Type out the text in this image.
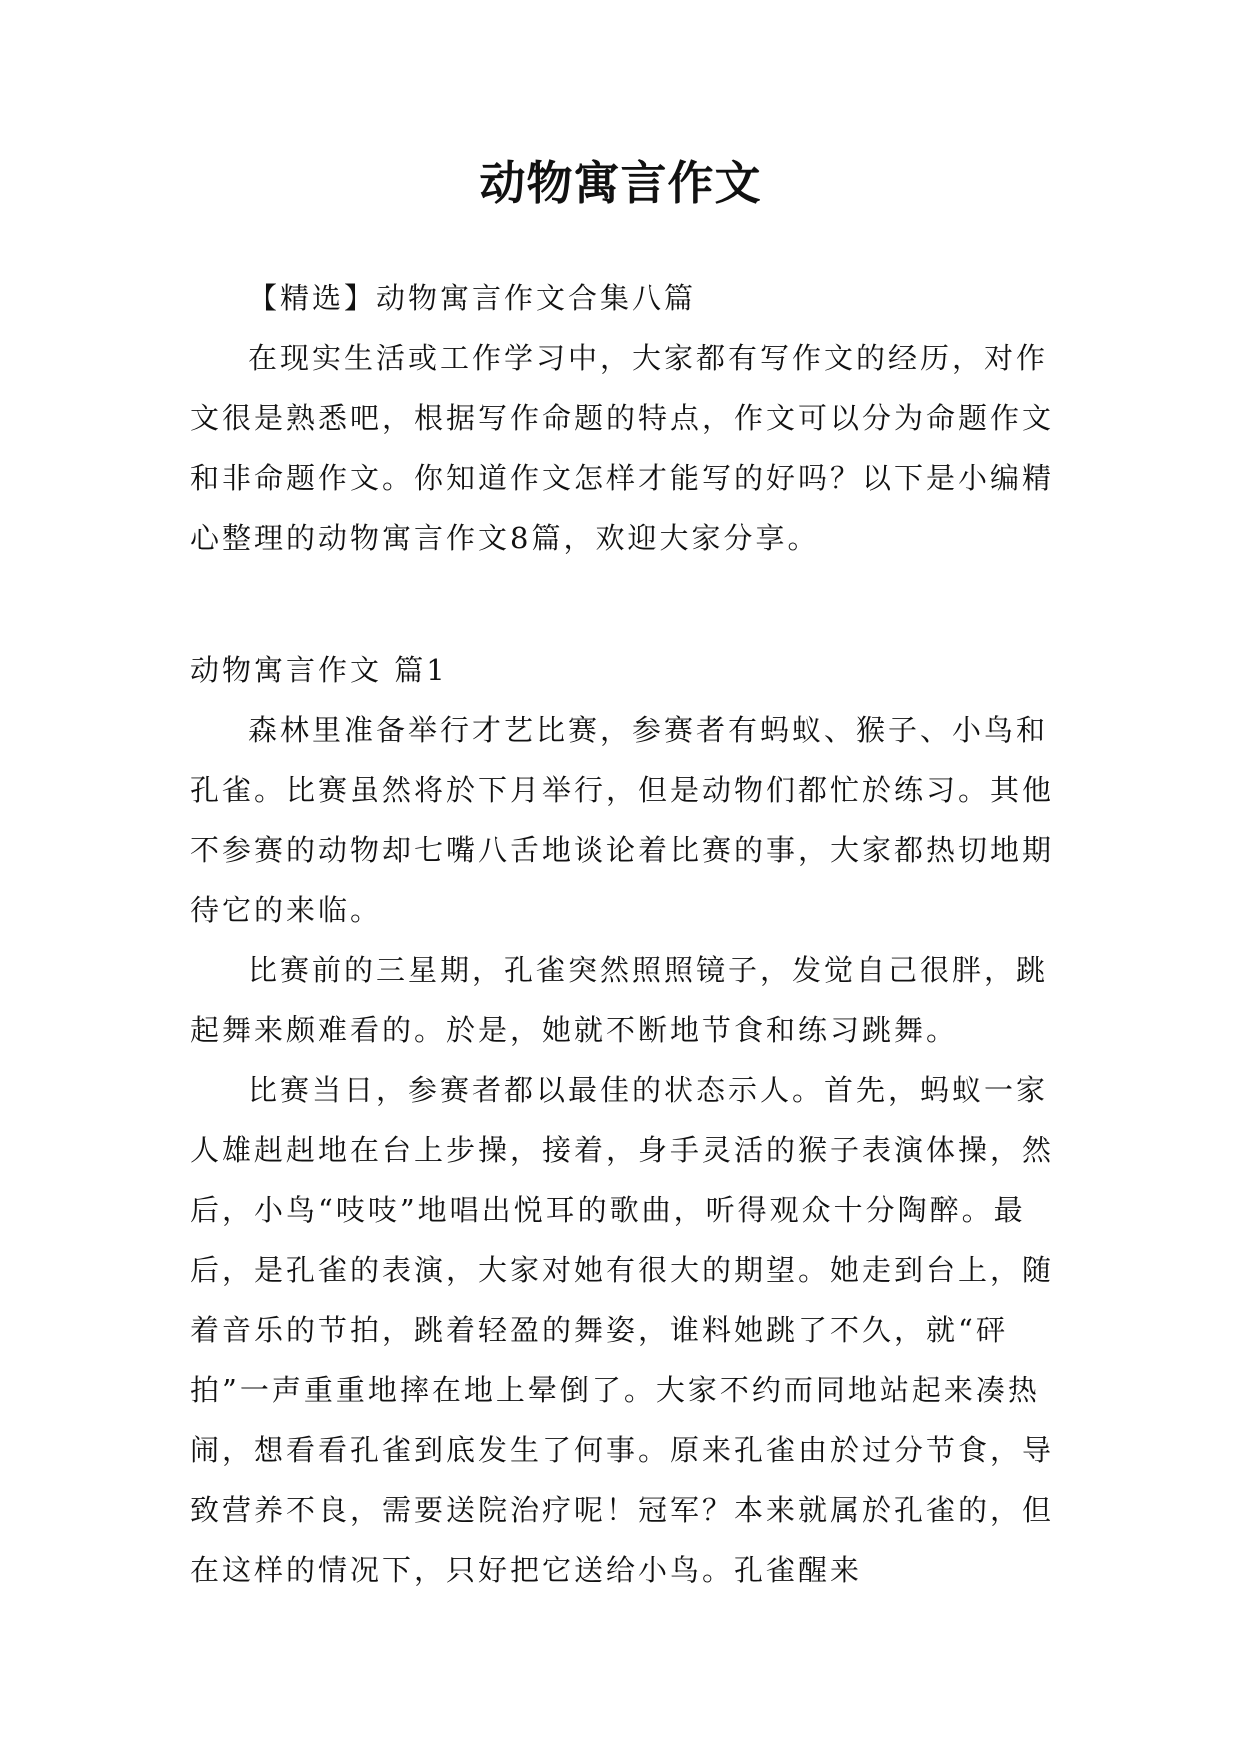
动物寓言作文

【精选】动物寓言作文合集八篇

在现实生活或工作学习中，大家都有写作文的经历，对作文很是熟悉吧，根据写作命题的特点，作文可以分为命题作文和非命题作文。你知道作文怎样才能写的好吗？以下是小编精心整理的动物寓言作文8篇，欢迎大家分享。

动物寓言作文 篇1

森林里准备举行才艺比赛，参赛者有蚂蚁、猴子、小鸟和孔雀。比赛虽然将於下月举行，但是动物们都忙於练习。其他不参赛的动物却七嘴八舌地谈论着比赛的事，大家都热切地期待它的来临。

比赛前的三星期，孔雀突然照照镜子，发觉自己很胖，跳起舞来颇难看的。於是，她就不断地节食和练习跳舞。

比赛当日，参赛者都以最佳的状态示人。首先，蚂蚁一家人雄赳赳地在台上步操，接着，身手灵活的猴子表演体操，然后，小鸟“吱吱”地唱出悦耳的歌曲，听得观众十分陶醉。最后，是孔雀的表演，大家对她有很大的期望。她走到台上，随着音乐的节拍，跳着轻盈的舞姿，谁料她跳了不久，就“砰拍”一声重重地摔在地上晕倒了。大家不约而同地站起来凑热闹，想看看孔雀到底发生了何事。原来孔雀由於过分节食，导致营养不良，需要送院治疗呢！冠军？本来就属於孔雀的，但在这样的情况下，只好把它送给小鸟。孔雀醒来
